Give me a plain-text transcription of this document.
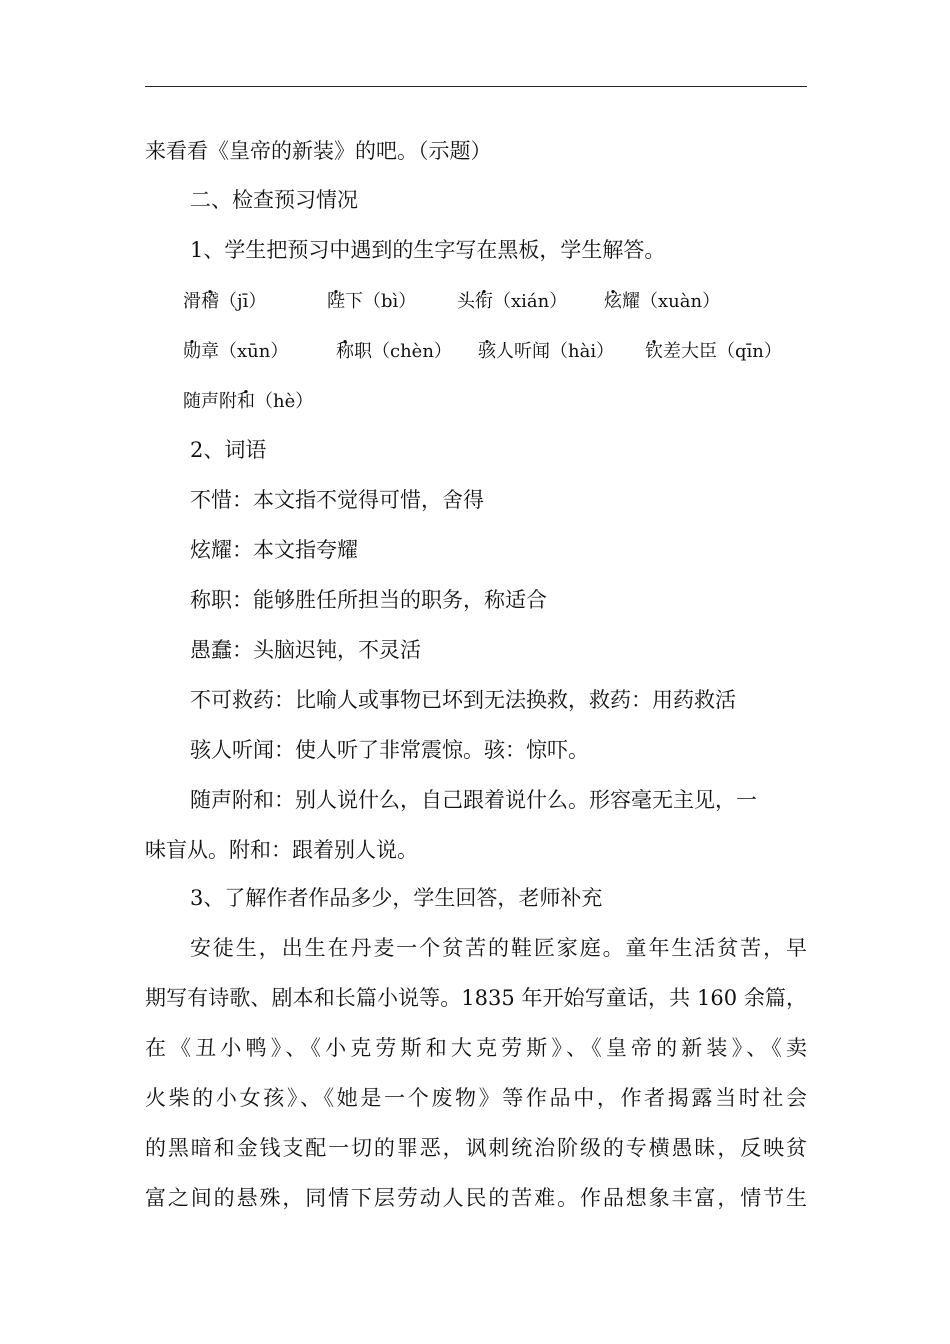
来看看《皇帝的新装》的吧。（示题）
二、检查预习情况
1、学生把预习中遇到的生字写在黑板，学生解答。
滑稽（jī）	陛下（bì） 头衔（xián） 炫耀（xuàn）
勋章（xūn）	称职（chèn） 骇人听闻（hài） 钦差大臣（qīn）
随声附和（hè）
2、词语
不惜：本文指不觉得可惜，舍得
炫耀：本文指夸耀
称职：能够胜任所担当的职务，称适合
愚蠢：头脑迟钝，不灵活
不可救药：比喻人或事物已坏到无法换救，救药：用药救活
骇人听闻：使人听了非常震惊。骇：惊吓。
随声附和：别人说什么，自己跟着说什么。形容毫无主见，一
味盲从。附和：跟着别人说。
3、了解作者作品多少，学生回答，老师补充
安徒生，出生在丹麦一个贫苦的鞋匠家庭。童年生活贫苦，早
期写有诗歌、剧本和长篇小说等。1835 年开始写童话，共 160 余篇，
在《丑小鸭》、《小克劳斯和大克劳斯》、《皇帝的新装》、《卖
火柴的小女孩》、《她是一个废物》等作品中，作者揭露当时社会
的黑暗和金钱支配一切的罪恶，讽刺统治阶级的专横愚昧，反映贫
富之间的悬殊，同情下层劳动人民的苦难。作品想象丰富，情节生
